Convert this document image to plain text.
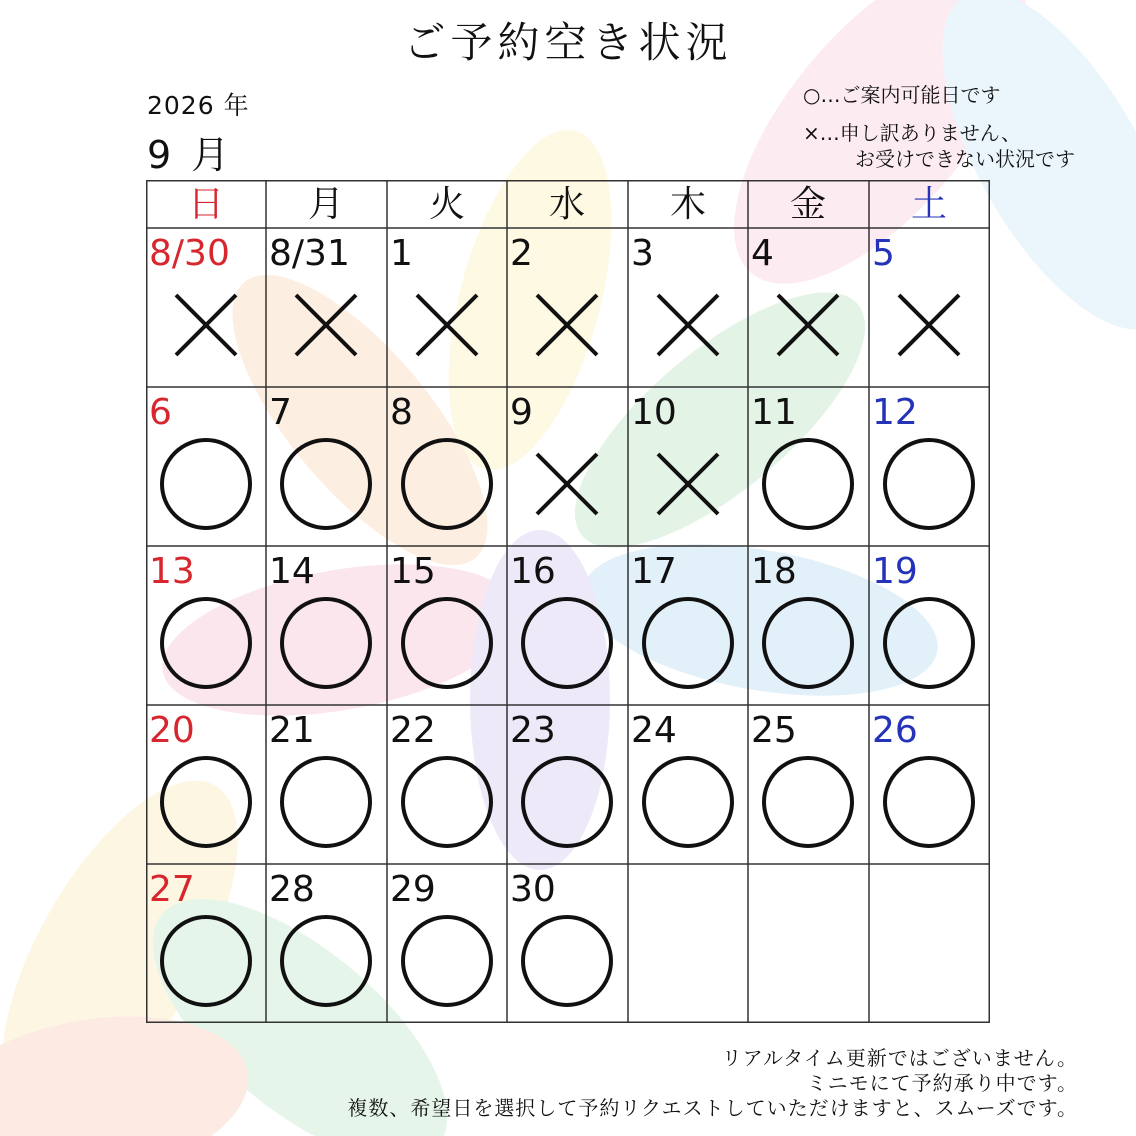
ご予約空き状況
2026 年
9 月
○…ご案内可能日です
×…申し訳ありません、
お受けできない状況です
日	月	火	水	木	金	土
8/30 8/31 1	2	3	4	5
6	7	8	9	10 11 12
13 14 15 16 17 18 19
20 21 22 23 24 25 26
27 28 29 30
リアルタイム更新ではございません。
ミニモにて予約承り中です。
複数、希望日を選択して予約リクエストしていただけますと、スムーズです。
